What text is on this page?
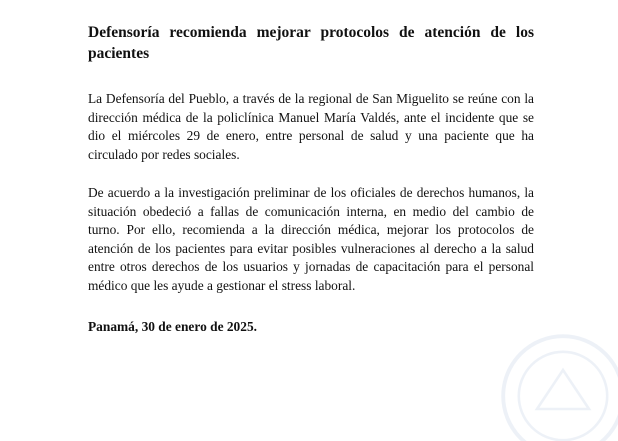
Defensoría recomienda mejorar protocolos de atención de los pacientes

La Defensoría del Pueblo, a través de la regional de San Miguelito se reúne con la dirección médica de la policlínica Manuel María Valdés, ante el incidente que se dio el miércoles 29 de enero, entre personal de salud y una paciente que ha circulado por redes sociales.

De acuerdo a la investigación preliminar de los oficiales de derechos humanos, la situación obedeció a fallas de comunicación interna, en medio del cambio de turno. Por ello, recomienda a la dirección médica, mejorar los protocolos de atención de los pacientes para evitar posibles vulneraciones al derecho a la salud entre otros derechos de los usuarios y jornadas de capacitación para el personal médico que les ayude a gestionar el stress laboral.

Panamá, 30 de enero de 2025.
